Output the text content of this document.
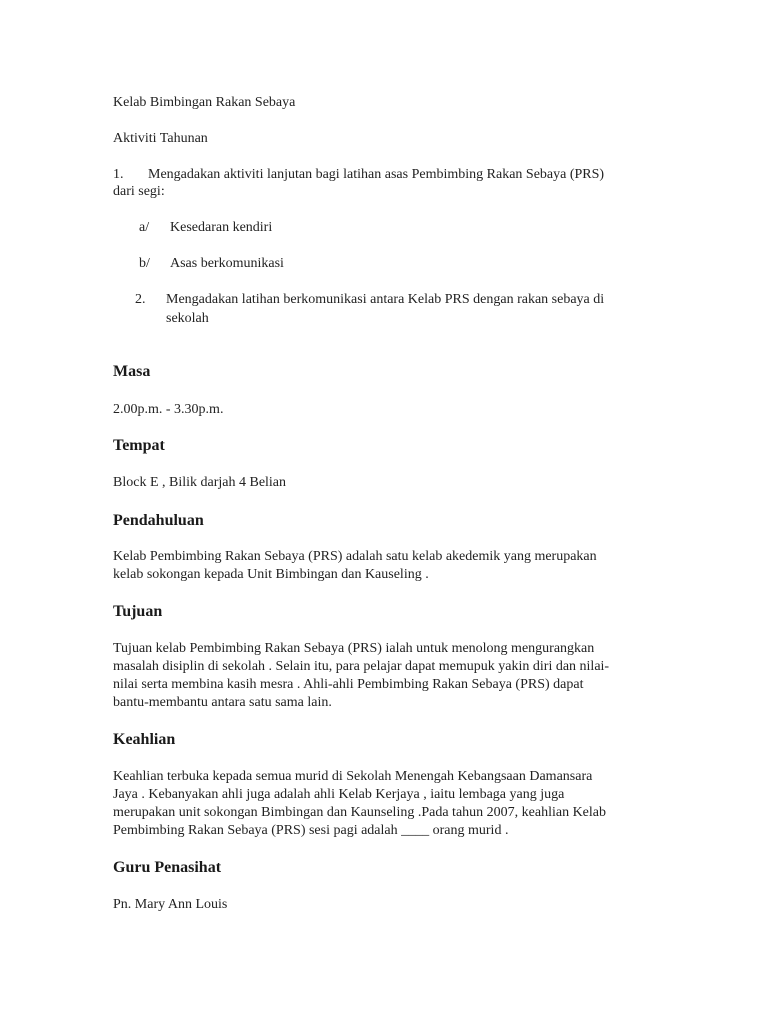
Kelab Bimbingan Rakan Sebaya
Aktiviti Tahunan
1. Mengadakan aktiviti lanjutan bagi latihan asas Pembimbing Rakan Sebaya (PRS)
dari segi:
a/ Kesedaran kendiri
b/ Asas berkomunikasi
2. Mengadakan latihan berkomunikasi antara Kelab PRS dengan rakan sebaya di
sekolah
Masa
2.00p.m. - 3.30p.m.
Tempat
Block E , Bilik darjah 4 Belian
Pendahuluan
Kelab Pembimbing Rakan Sebaya (PRS) adalah satu kelab akedemik yang merupakan
kelab sokongan kepada Unit Bimbingan dan Kauseling .
Tujuan
Tujuan kelab Pembimbing Rakan Sebaya (PRS) ialah untuk menolong mengurangkan
masalah disiplin di sekolah . Selain itu, para pelajar dapat memupuk yakin diri dan nilai-
nilai serta membina kasih mesra . Ahli-ahli Pembimbing Rakan Sebaya (PRS) dapat
bantu-membantu antara satu sama lain.
Keahlian
Keahlian terbuka kepada semua murid di Sekolah Menengah Kebangsaan Damansara
Jaya . Kebanyakan ahli juga adalah ahli Kelab Kerjaya , iaitu lembaga yang juga
merupakan unit sokongan Bimbingan dan Kaunseling .Pada tahun 2007, keahlian Kelab
Pembimbing Rakan Sebaya (PRS) sesi pagi adalah ____ orang murid .
Guru Penasihat
Pn. Mary Ann Louis
